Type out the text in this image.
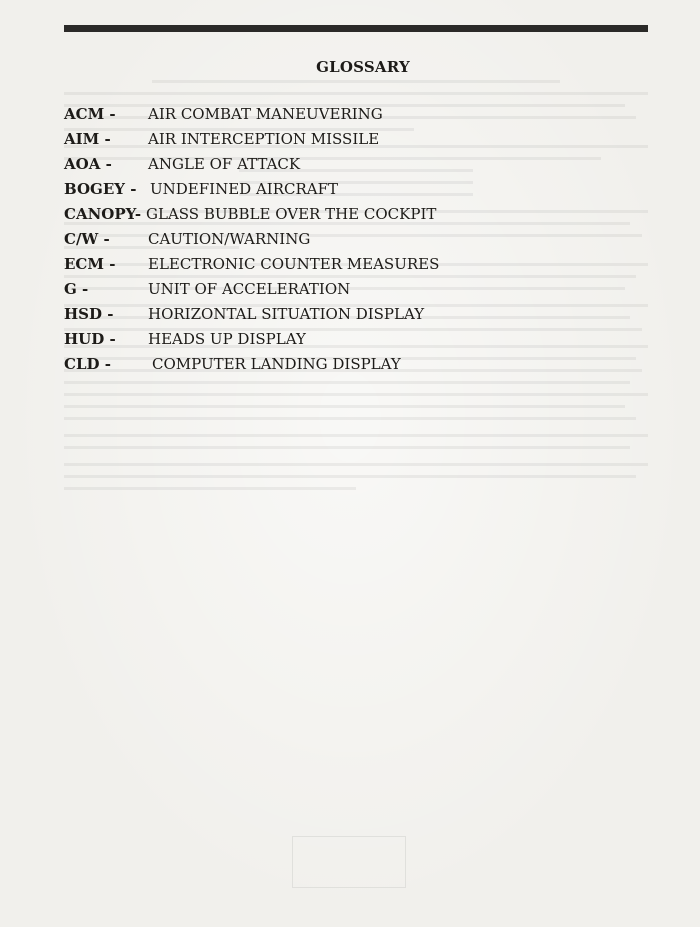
GLOSSARY
ACM - AIR COMBAT MANEUVERING
AIM - AIR INTERCEPTION MISSILE
AOA - ANGLE OF ATTACK
BOGEY - UNDEFINED AIRCRAFT
CANOPY- GLASS BUBBLE OVER THE COCKPIT
C/W -	CAUTION/WARNING
ECM - ELECTRONIC COUNTER MEASURES
G -	UNIT OF ACCELERATION
HSD - HORIZONTAL SITUATION DISPLAY
HUD - HEADS UP DISPLAY
CLD -	COMPUTER LANDING DISPLAY
